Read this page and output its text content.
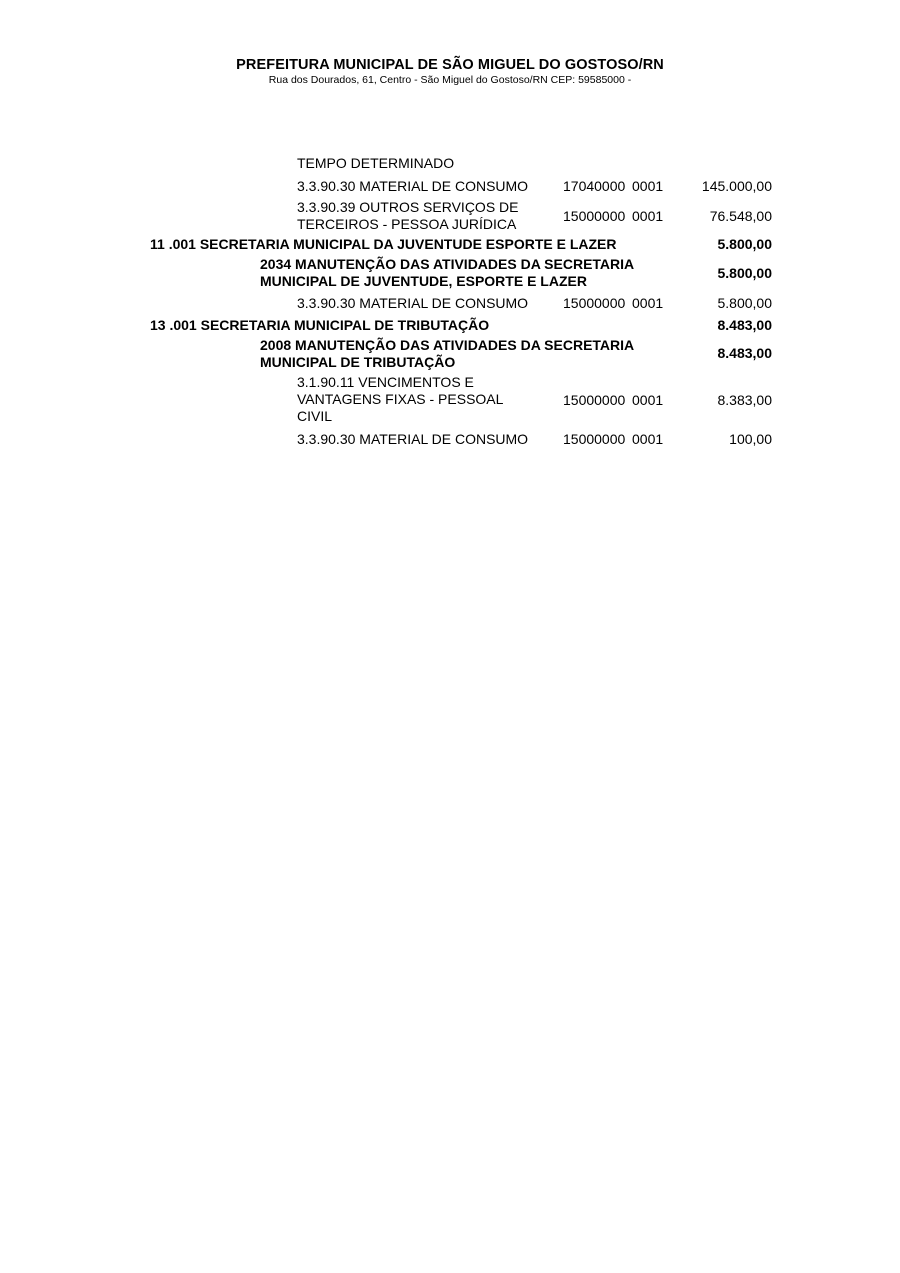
PREFEITURA MUNICIPAL DE SÃO MIGUEL DO GOSTOSO/RN
Rua dos Dourados, 61, Centro - São Miguel do Gostoso/RN CEP: 59585000 -
TEMPO DETERMINADO
3.3.90.30 MATERIAL DE CONSUMO 17040000 0001	145.000,00
3.3.90.39 OUTROS SERVIÇOS DE
TERCEIROS - PESSOA JURÍDICA	15000000 0001	76.548,00
11 .001 SECRETARIA MUNICIPAL DA JUVENTUDE ESPORTE E LAZER	5.800,00
2034 MANUTENÇÃO DAS ATIVIDADES DA SECRETARIA
MUNICIPAL DE JUVENTUDE, ESPORTE E LAZER	5.800,00
3.3.90.30 MATERIAL DE CONSUMO 15000000 0001	5.800,00
13 .001 SECRETARIA MUNICIPAL DE TRIBUTAÇÃO	8.483,00
2008 MANUTENÇÃO DAS ATIVIDADES DA SECRETARIA
MUNICIPAL DE TRIBUTAÇÃO
8.483,00
3.1.90.11 VENCIMENTOS E
VANTAGENS FIXAS - PESSOAL
CIVIL
15000000 0001	8.383,00
3.3.90.30 MATERIAL DE CONSUMO 15000000 0001	100,00
